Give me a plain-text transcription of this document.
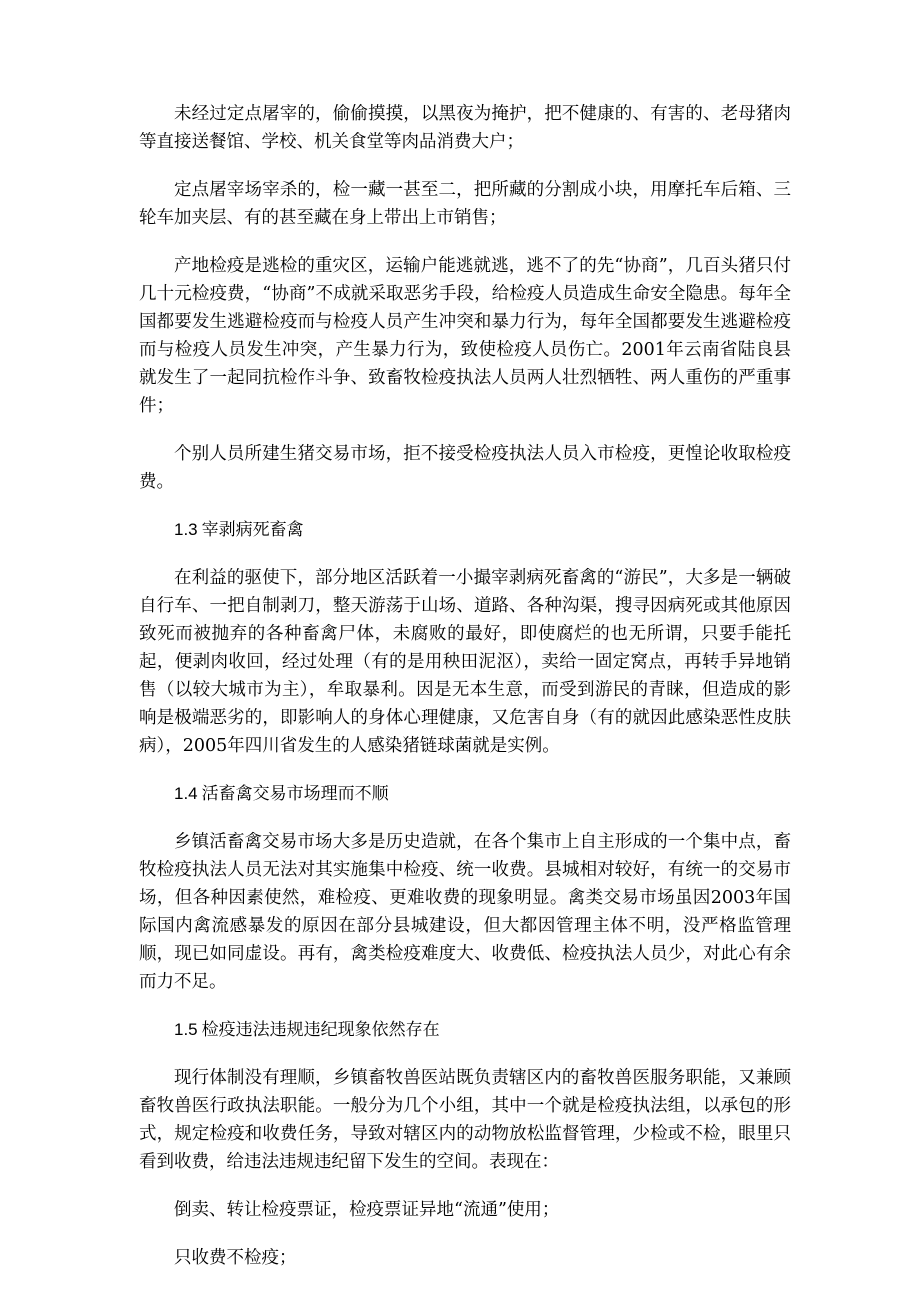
未经过定点屠宰的，偷偷摸摸，以黑夜为掩护，把不健康的、有害的、老母猪肉等直接送餐馆、学校、机关食堂等肉品消费大户；

定点屠宰场宰杀的，检一藏一甚至二，把所藏的分割成小块，用摩托车后箱、三轮车加夹层、有的甚至藏在身上带出上市销售；

产地检疫是逃检的重灾区，运输户能逃就逃，逃不了的先“协商”，几百头猪只付几十元检疫费，“协商”不成就采取恶劣手段，给检疫人员造成生命安全隐患。每年全国都要发生逃避检疫而与检疫人员产生冲突和暴力行为，每年全国都要发生逃避检疫而与检疫人员发生冲突，产生暴力行为，致使检疫人员伤亡。2001年云南省陆良县就发生了一起同抗检作斗争、致畜牧检疫执法人员两人壮烈牺牲、两人重伤的严重事件；

个别人员所建生猪交易市场，拒不接受检疫执法人员入市检疫，更惶论收取检疫费。

1.3 宰剥病死畜禽

在利益的驱使下，部分地区活跃着一小撮宰剥病死畜禽的“游民”，大多是一辆破自行车、一把自制剥刀，整天游荡于山场、道路、各种沟渠，搜寻因病死或其他原因致死而被抛弃的各种畜禽尸体，未腐败的最好，即使腐烂的也无所谓，只要手能托起，便剥肉收回，经过处理（有的是用秧田泥沤），卖给一固定窝点，再转手异地销售（以较大城市为主），牟取暴利。因是无本生意，而受到游民的青睐，但造成的影响是极端恶劣的，即影响人的身体心理健康，又危害自身（有的就因此感染恶性皮肤病），2005年四川省发生的人感染猪链球菌就是实例。

1.4 活畜禽交易市场理而不顺

乡镇活畜禽交易市场大多是历史造就，在各个集市上自主形成的一个集中点，畜牧检疫执法人员无法对其实施集中检疫、统一收费。县城相对较好，有统一的交易市场，但各种因素使然，难检疫、更难收费的现象明显。禽类交易市场虽因2003年国际国内禽流感暴发的原因在部分县城建设，但大都因管理主体不明，没严格监管理顺，现已如同虚设。再有，禽类检疫难度大、收费低、检疫执法人员少，对此心有余而力不足。

1.5 检疫违法违规违纪现象依然存在

现行体制没有理顺，乡镇畜牧兽医站既负责辖区内的畜牧兽医服务职能，又兼顾畜牧兽医行政执法职能。一般分为几个小组，其中一个就是检疫执法组，以承包的形式，规定检疫和收费任务，导致对辖区内的动物放松监督管理，少检或不检，眼里只看到收费，给违法违规违纪留下发生的空间。表现在：

倒卖、转让检疫票证，检疫票证异地“流通”使用；

只收费不检疫；
